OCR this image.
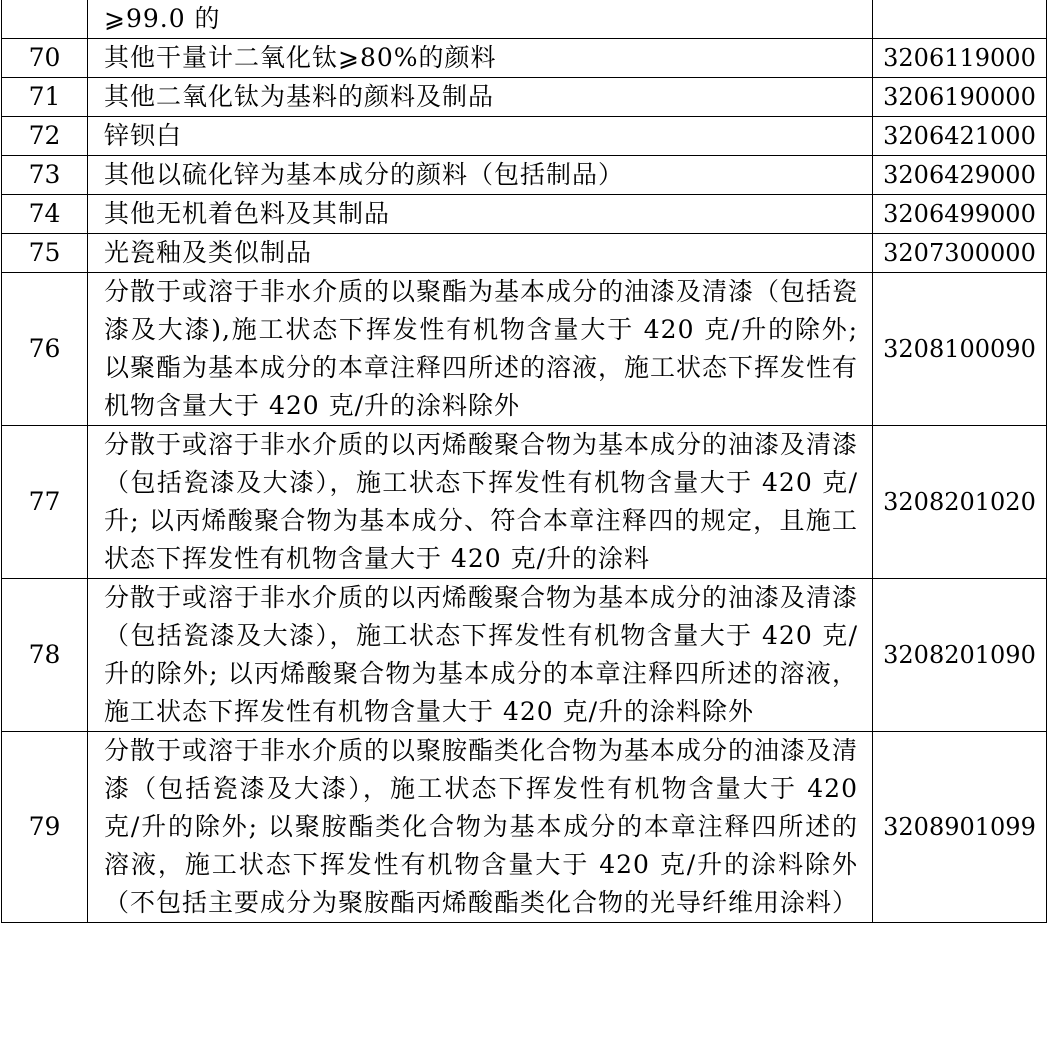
	⩾99.0 的	
70	其他干量计二氧化钛⩾80%的颜料	3206119000
71	其他二氧化钛为基料的颜料及制品	3206190000
72	锌钡白	3206421000
73	其他以硫化锌为基本成分的颜料（包括制品）	3206429000
74	其他无机着色料及其制品	3206499000
75	光瓷釉及类似制品	3207300000
76	分散于或溶于非水介质的以聚酯为基本成分的油漆及清漆（包括瓷漆及大漆),施工状态下挥发性有机物含量大于 420 克/升的除外; 以聚酯为基本成分的本章注释四所述的溶液，施工状态下挥发性有机物含量大于 420 克/升的涂料除外	3208100090
77	分散于或溶于非水介质的以丙烯酸聚合物为基本成分的油漆及清漆（包括瓷漆及大漆），施工状态下挥发性有机物含量大于 420 克/升; 以丙烯酸聚合物为基本成分、符合本章注释四的规定，且施工状态下挥发性有机物含量大于 420 克/升的涂料	3208201020
78	分散于或溶于非水介质的以丙烯酸聚合物为基本成分的油漆及清漆（包括瓷漆及大漆），施工状态下挥发性有机物含量大于 420 克/升的除外; 以丙烯酸聚合物为基本成分的本章注释四所述的溶液，施工状态下挥发性有机物含量大于 420 克/升的涂料除外	3208201090
79	分散于或溶于非水介质的以聚胺酯类化合物为基本成分的油漆及清漆（包括瓷漆及大漆），施工状态下挥发性有机物含量大于 420 克/升的除外; 以聚胺酯类化合物为基本成分的本章注释四所述的溶液，施工状态下挥发性有机物含量大于 420 克/升的涂料除外（不包括主要成分为聚胺酯丙烯酸酯类化合物的光导纤维用涂料）	3208901099
